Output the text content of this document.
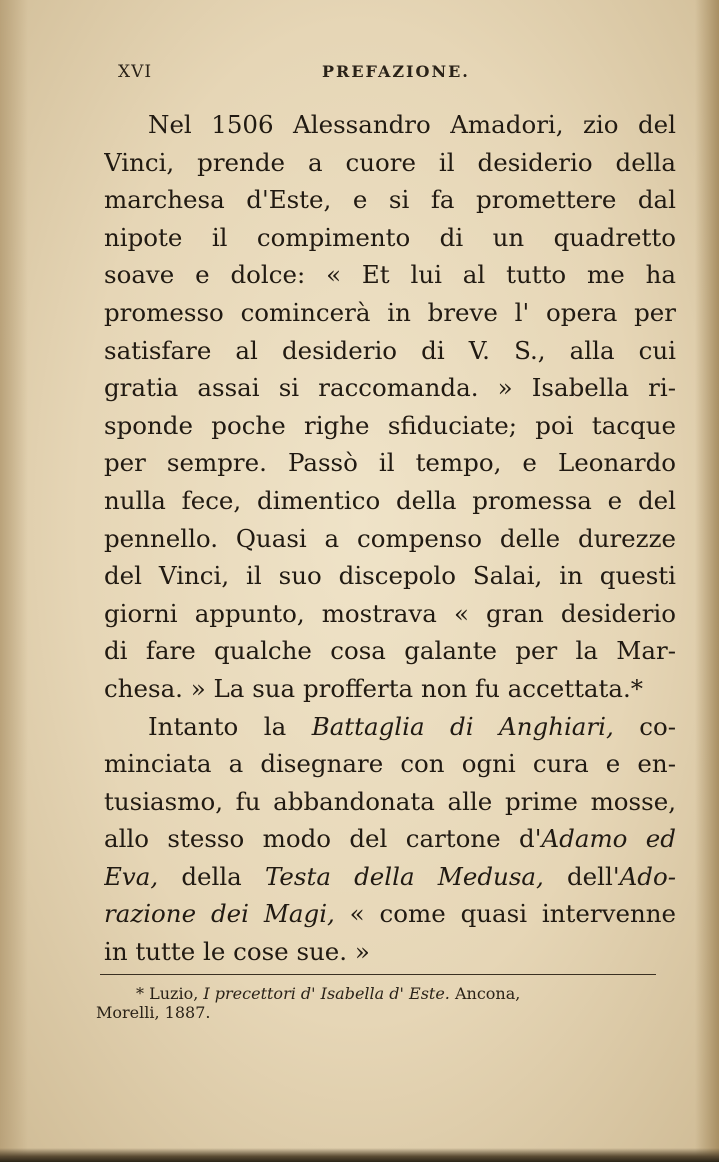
XVI	PREFAZIONE.
Nel 1506 Alessandro Amadori, zio del
Vinci, prende a cuore il desiderio della
marchesa d'Este, e si fa promettere dal
nipote il compimento di un quadretto
soave e dolce: « Et lui al tutto me ha
promesso comincerà in breve l' opera per
satisfare al desiderio di V. S., alla cui
gratia assai si raccomanda. » Isabella ri-
sponde poche righe sfiduciate; poi tacque
per sempre. Passò il tempo, e Leonardo
nulla fece, dimentico della promessa e del
pennello. Quasi a compenso delle durezze
del Vinci, il suo discepolo Salai, in questi
giorni appunto, mostrava « gran desiderio
di fare qualche cosa galante per la Mar-
chesa. » La sua profferta non fu accettata.*
Intanto la Battaglia di Anghiari, co-
minciata a disegnare con ogni cura e en-
tusiasmo, fu abbandonata alle prime mosse,
allo stesso modo del cartone d'Adamo ed
Eva, della Testa della Medusa, dell'Ado-
razione dei Magi, « come quasi intervenne
in tutte le cose sue. »
* Luzio, I precettori d' Isabella d' Este. Ancona,
Morelli, 1887.
